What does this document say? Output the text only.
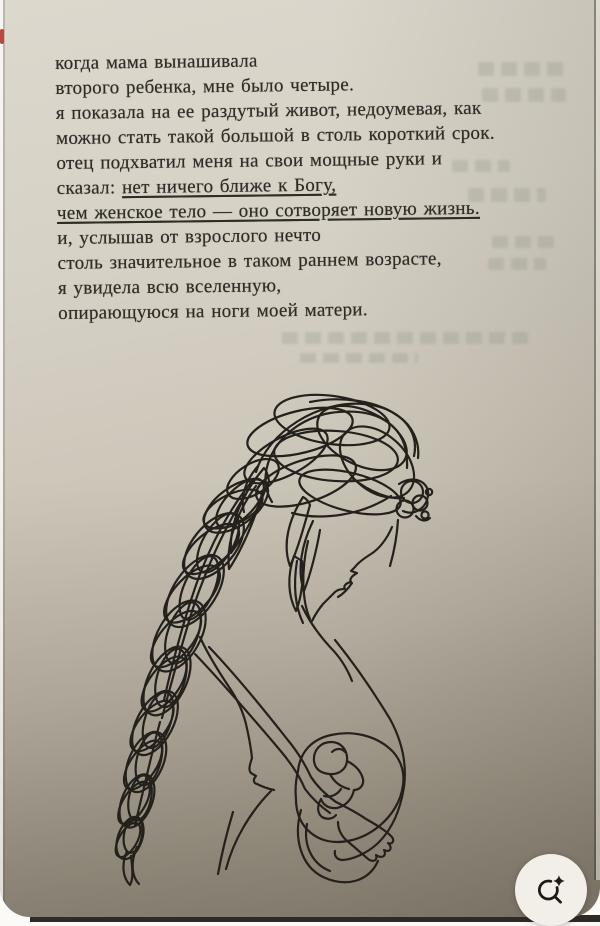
когда мама вынашивала
второго ребенка, мне было четыре.
я показала на ее раздутый живот, недоумевая, как
можно стать такой большой в столь короткий срок.
отец подхватил меня на свои мощные руки и
сказал: нет ничего ближе к Богу,
чем женское тело — оно сотворяет новую жизнь.
и, услышав от взрослого нечто
столь значительное в таком раннем возрасте,
я увидела всю вселенную,
опирающуюся на ноги моей матери.
